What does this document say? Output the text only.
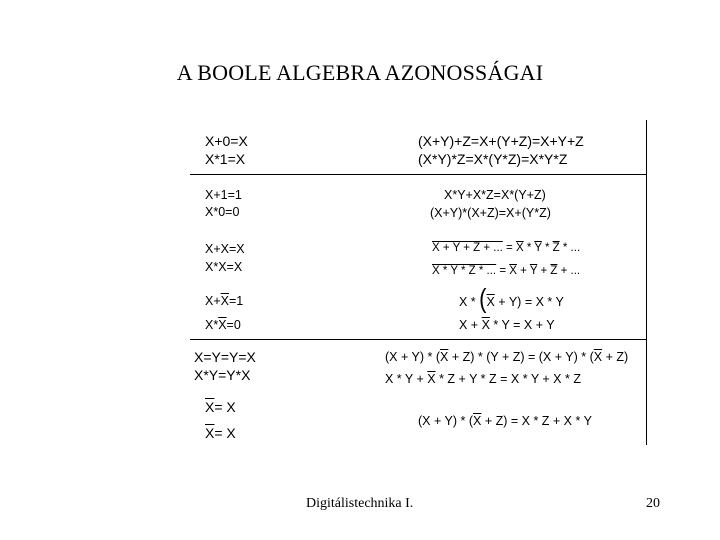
A BOOLE ALGEBRA AZONOSSÁGAI
X+0=X
X*1=X
X+1=1
X*0=0
X+X=X
X*X=X
$X+\overline{X}=1$
$X*\overline{X}=0$
X=Y=Y=X
X*Y=Y*X
X= X
X= X
(X+Y)+Z=X+(Y+Z)=X+Y+Z
(X*Y)*Z=X*(Y*Z)=X*Y*Z
X*Y+X*Z=X*(Y+Z)
(X+Y)*(X+Z)=X+(Y*Z)
X + Y + Z + ... = $\overline{X} * \overline{Y} * \overline{Z}$ * ...
X * Y * Z * ... = $\overline{X} + \overline{Y} + \overline{Z}$ + ...
$X * (\overline{X} + Y) = X * Y$
$X + \overline{X} * Y = X + Y$
$(X + Y) * (\overline{X} + Z) * (Y + Z) = (X + Y) * (\overline{X} + Z)$
$X * Y + \overline{X} * Z + Y * Z = X * Y + X * Z$
$(X + Y) * (\overline{X} + Z) = X * Z + X * Y$
Digitálistechnika I.	20
